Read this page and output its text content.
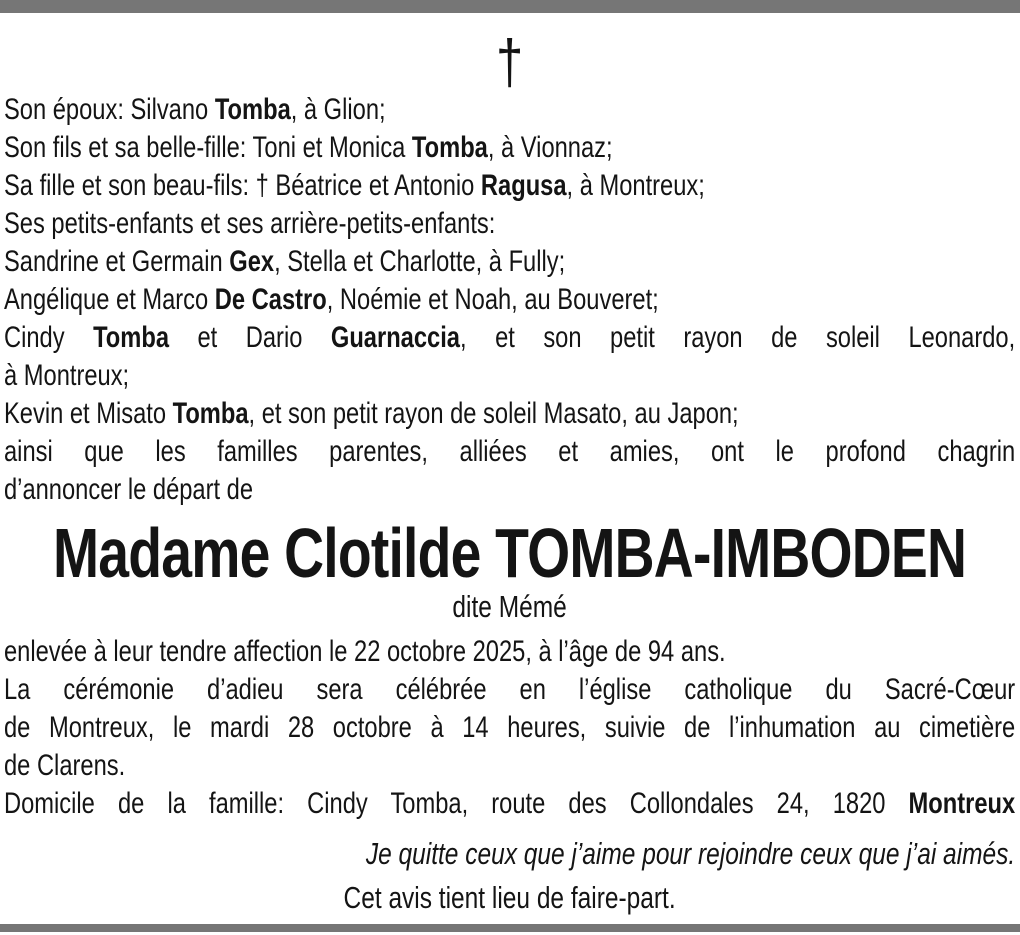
†
Son époux: Silvano Tomba, à Glion;
Son fils et sa belle-fille: Toni et Monica Tomba, à Vionnaz;
Sa fille et son beau-fils: † Béatrice et Antonio Ragusa, à Montreux;
Ses petits-enfants et ses arrière-petits-enfants:
Sandrine et Germain Gex, Stella et Charlotte, à Fully;
Angélique et Marco De Castro, Noémie et Noah, au Bouveret;
Cindy Tomba et Dario Guarnaccia, et son petit rayon de soleil Leonardo,
à Montreux;
Kevin et Misato Tomba, et son petit rayon de soleil Masato, au Japon;
ainsi que les familles parentes, alliées et amies, ont le profond chagrin
d’annoncer le départ de
Madame Clotilde TOMBA-IMBODEN
dite Mémé
enlevée à leur tendre affection le 22 octobre 2025, à l’âge de 94 ans.
La cérémonie d’adieu sera célébrée en l’église catholique du Sacré-Cœur
de Montreux, le mardi 28 octobre à 14 heures, suivie de l’inhumation au cimetière
de Clarens.
Domicile de la famille: Cindy Tomba, route des Collondales 24, 1820 Montreux
Je quitte ceux que j’aime pour rejoindre ceux que j’ai aimés.
Cet avis tient lieu de faire-part.
